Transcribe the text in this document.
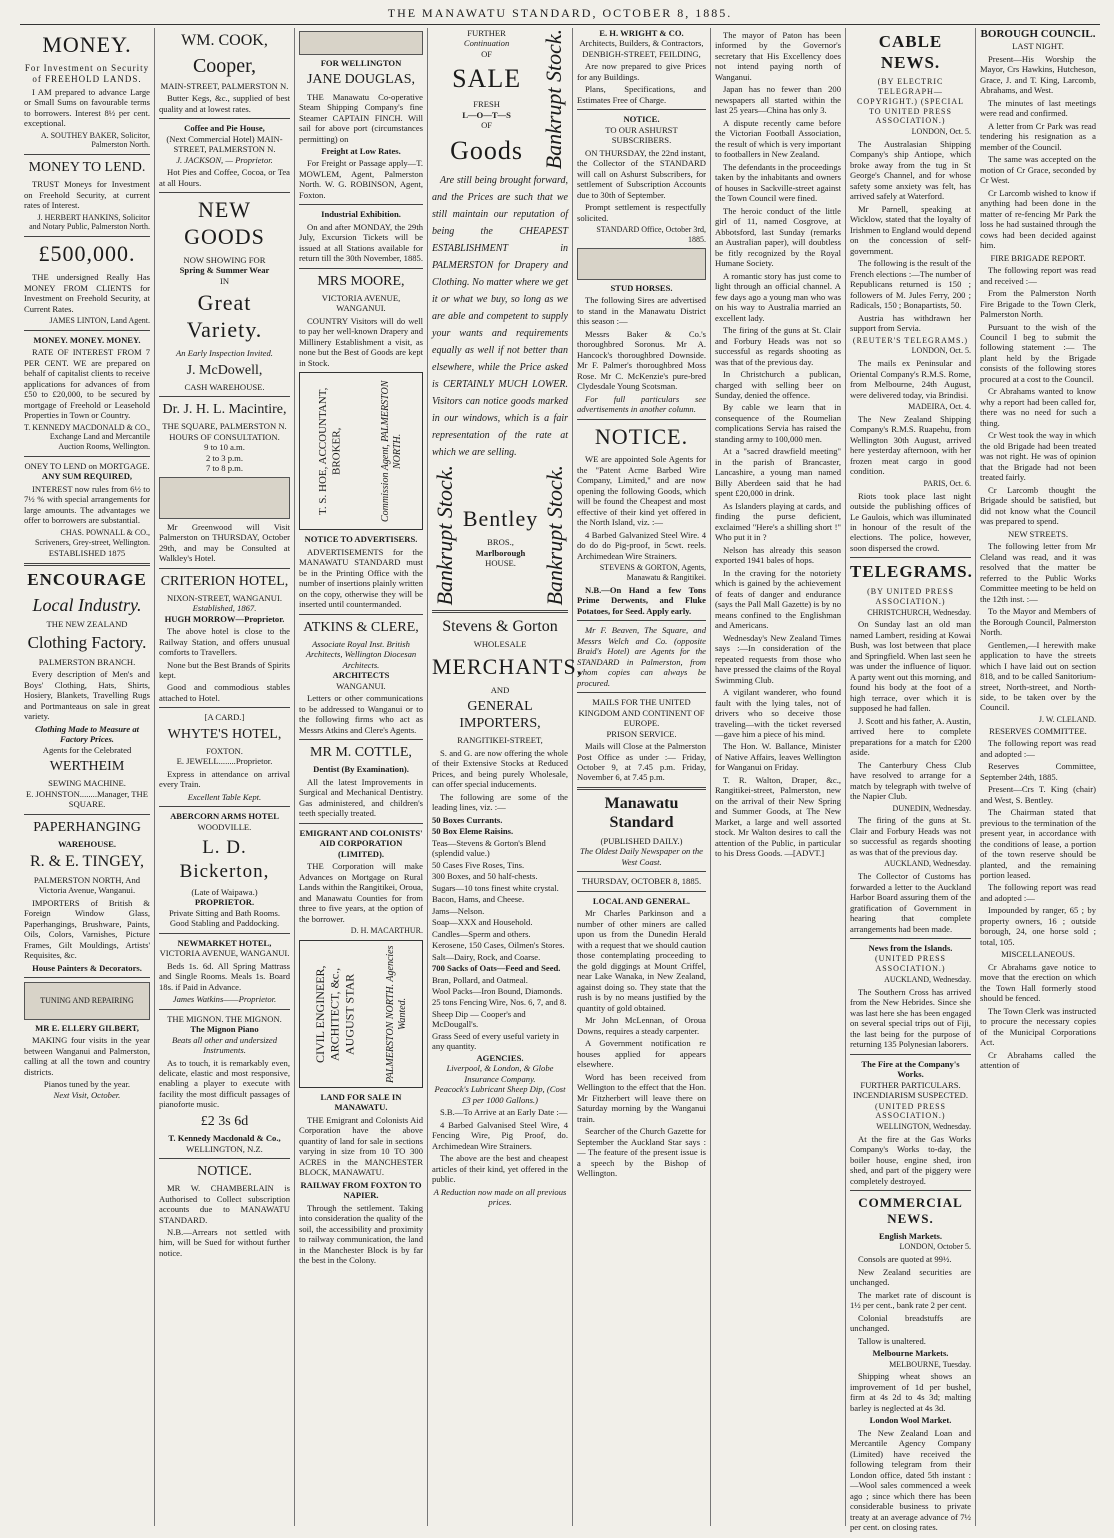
THE MANAWATU STANDARD, OCTOBER 8, 1885.
MONEY.
For Investment on Security of FREEHOLD LANDS.

I AM prepared to advance Large or Small Sums on favourable terms to borrowers. Interest 8½ per cent. exceptional.

A. SOUTHEY BAKER, Solicitor, Palmerston North.
MONEY TO LEND.

TRUST Moneys for Investment on Freehold Security, at current rates of Interest.

J. HERBERT HANKINS, Solicitor and Notary Public, Palmerston North.
£500,000.

THE undersigned Really Has MONEY FROM CLIENTS for Investment on Freehold Security, at Current Rates.

JAMES LINTON, Land Agent.
MONEY. MONEY. MONEY.

RATE OF INTEREST FROM 7 PER CENT. WE are prepared on behalf of capitalist clients to receive applications for advances of from £50 to £20,000, to be secured by mortgage of Freehold or Leasehold Properties in Town or Country.

T. KENNEDY MACDONALD & CO., Exchange Land and Mercantile Auction Rooms, Wellington.
ONEY TO LEND on MORTGAGE.
ANY SUM REQUIRED,

INTEREST now rules from 6½ to 7½ % with special arrangements for large amounts. The advantages we offer to borrowers are substantial.

CHAS. POWNALL & CO., Scriveners, Grey-street, Wellington.
ESTABLISHED 1875
ENCOURAGE
Local Industry.
THE NEW ZEALAND
Clothing Factory.
PALMERSTON BRANCH.

Every description of Men's and Boys' Clothing, Hats, Shirts, Hosiery, Blankets, Travelling Rugs and Portmanteaus on sale in great variety.

Clothing Made to Measure at Factory Prices.
Agents for the Celebrated
WERTHEIM
SEWING MACHINE.
E. JOHNSTON........Manager, THE SQUARE.
PAPERHANGING
WAREHOUSE.
R. & E. TINGEY,
PALMERSTON NORTH, And Victoria Avenue, Wanganui.

IMPORTERS of British & Foreign Window Glass, Paperhangings, Brushware, Paints, Oils, Colors, Varnishes, Picture Frames, Gilt Mouldings, Artists' Requisites, &c.

House Painters & Decorators.
TUNING AND REPAIRING
MR E. ELLERY GILBERT,

MAKING four visits in the year between Wanganui and Palmerston, calling at all the town and country districts.

Pianos tuned by the year.
Next Visit, October.
WM. COOK,
Cooper,
MAIN-STREET, PALMERSTON N.

Butter Kegs, &c., supplied of best quality and at lowest rates.

Coffee and Pie House,
(Next Commercial Hotel) MAIN-STREET, PALMERSTON N.
J. JACKSON, — Proprietor.

Hot Pies and Coffee, Cocoa, or Tea at all Hours.

NEW GOODS
NOW SHOWING FOR
Spring & Summer Wear
IN
Great Variety.
An Early Inspection Invited.
J. McDowell,
CASH WAREHOUSE.
Dr. J. H. L. Macintire,
THE SQUARE, PALMERSTON N.
HOURS OF CONSULTATION.
9 to 10 a.m.
2 to 3 p.m.
7 to 8 p.m.

Mr Greenwood will Visit Palmerston on THURSDAY, October 29th, and may be Consulted at Walkley's Hotel.

CRITERION HOTEL,
NIXON-STREET, WANGANUI.
Established, 1867.
HUGH MORROW—Proprietor.

The above hotel is close to the Railway Station, and offers unusual comforts to Travellers.

None but the Best Brands of Spirits kept.

Good and commodious stables attached to Hotel.

[A CARD.]
WHYTE'S HOTEL,
FOXTON.
E. JEWELL........Proprietor.

Express in attendance on arrival every Train.

Excellent Table Kept.
ABERCORN ARMS HOTEL
WOODVILLE.
L. D. Bickerton,
(Late of Waipawa.)
PROPRIETOR.
Private Sitting and Bath Rooms.
Good Stabling and Paddocking.
NEWMARKET HOTEL,
VICTORIA AVENUE, WANGANUI.

Beds 1s. 6d. All Spring Mattrass and Single Rooms. Meals 1s. Board 18s. if Paid in Advance.

James Watkins——Proprietor.
THE MIGNON. THE MIGNON.
The Mignon Piano
Beats all other and undersized Instruments.

As to touch, it is remarkably even, delicate, elastic and most responsive, enabling a player to execute with facility the most difficult passages of pianoforte music.

£2 3s 6d
T. Kennedy Macdonald & Co.,
WELLINGTON, N.Z.
NOTICE.

MR W. CHAMBERLAIN is Authorised to Collect subscription accounts due to MANAWATU STANDARD.

N.B.—Arrears not settled with him, will be Sued for without further notice.

FOR WELLINGTON
JANE DOUGLAS,

THE Manawatu Co-operative Steam Shipping Company's fine Steamer CAPTAIN FINCH. Will sail for above port (circumstances permitting) on

Freight at Low Rates.

For Freight or Passage apply—T. MOWLEM, Agent, Palmerston North. W. G. ROBINSON, Agent, Foxton.

Industrial Exhibition.

On and after MONDAY, the 29th July, Excursion Tickets will be issued at all Stations available for return till the 30th November, 1885.

MRS MOORE,
VICTORIA AVENUE, WANGANUI.

COUNTRY Visitors will do well to pay her well-known Drapery and Millinery Establishment a visit, as none but the Best of Goods are kept in Stock.

T. S. HOE, ACCOUNTANT, BROKER,	Commission Agent, PALMERSTON NORTH.
NOTICE TO ADVERTISERS.

ADVERTISEMENTS for the MANAWATU STANDARD must be in the Printing Office with the number of insertions plainly written on the copy, otherwise they will be inserted until countermanded.

ATKINS & CLERE,
Associate Royal Inst. British Architects, Wellington Diocesan Architects.
ARCHITECTS
WANGANUI.

Letters or other communications to be addressed to Wanganui or to the following firms who act as Messrs Atkins and Clere's Agents.

MR M. COTTLE,
Dentist (By Examination).

All the latest Improvements in Surgical and Mechanical Dentistry. Gas administered, and children's teeth specially treated.

EMIGRANT AND COLONISTS' AID CORPORATION (LIMITED).

THE Corporation will make Advances on Mortgage on Rural Lands within the Rangitikei, Oroua, and Manawatu Counties for from three to five years, at the option of the borrower.

D. H. MACARTHUR.
CIVIL ENGINEER, ARCHITECT, &c., AUGUST STAR	PALMERSTON NORTH. Agencies Wanted.
LAND FOR SALE IN MANAWATU.

THE Emigrant and Colonists Aid Corporation have the above quantity of land for sale in sections varying in size from 10 TO 300 ACRES in the MANCHESTER BLOCK, MANAWATU.

RAILWAY FROM FOXTON TO NAPIER.

Through the settlement. Taking into consideration the quality of the soil, the accessibility and proximity to railway communication, the land in the Manchester Block is by far the best in the Colony.

FURTHER
Continuation
OF
SALE
FRESH
L—O—T—S
OF
Goods Bankrupt Stock.

Are still being brought forward, and the Prices are such that we still maintain our reputation of being the CHEAPEST ESTABLISHMENT in PALMERSTON for Drapery and Clothing. No matter where we get it or what we buy, so long as we are able and competent to supply your wants and requirements equally as well if not better than elsewhere, while the Price asked is CERTAINLY MUCH LOWER. Visitors can notice goods marked in our windows, which is a fair representation of the rate at which we are selling.

Bankrupt Stock. Bentley
BROS.,
Marlborough
HOUSE.	Bankrupt Stock.
Stevens & Gorton
WHOLESALE
MERCHANTS,
AND
GENERAL IMPORTERS,
RANGITIKEI-STREET,

S. and G. are now offering the whole of their Extensive Stocks at Reduced Prices, and being purely Wholesale, can offer special inducements.

The following are some of the leading lines, viz. :—

50 Boxes Currants.
50 Box Eleme Raisins.
Teas—Stevens & Gorton's Blend (splendid value.)
50 Cases Five Roses, Tins.
300 Boxes, and 50 half-chests.
Sugars—10 tons finest white crystal.
Bacon, Hams, and Cheese.
Jams—Nelson.
Soap—XXX and Household.
Candles—Sperm and others.
Kerosene, 150 Cases, Oilmen's Stores.
Salt—Dairy, Rock, and Coarse.
700 Sacks of Oats—Feed and Seed.
Bran, Pollard, and Oatmeal.
Wool Packs—Iron Bound, Diamonds.
25 tons Fencing Wire, Nos. 6, 7, and 8.
Sheep Dip — Cooper's and McDougall's.
Grass Seed of every useful variety in any quantity.
AGENCIES.
Liverpool, & London, & Globe Insurance Company.
Peacock's Lubricant Sheep Dip, (Cost £3 per 1000 Gallons.)

S.B.—To Arrive at an Early Date :—

4 Barbed Galvanised Steel Wire, 4 Fencing Wire, Pig Proof, do. Archimedean Wire Strainers.

The above are the best and cheapest articles of their kind, yet offered in the public.

A Reduction now made on all previous prices.
E. H. WRIGHT & CO.
Architects, Builders, & Contractors,
DENBIGH-STREET, FEILDING,

Are now prepared to give Prices for any Buildings.

Plans, Specifications, and Estimates Free of Charge.

NOTICE.
TO OUR ASHURST SUBSCRIBERS.

ON THURSDAY, the 22nd instant, the Collector of the STANDARD will call on Ashurst Subscribers, for settlement of Subscription Accounts due to 30th of September.

Prompt settlement is respectfully solicited.

STANDARD Office, October 3rd, 1885.
STUD HORSES.

The following Sires are advertised to stand in the Manawatu District this season :—

Messrs Baker & Co.'s thoroughbred Soronus. Mr A. Hancock's thoroughbred Downside. Mr F. Palmer's thoroughbred Moss Rose. Mr C. McKenzie's pure-bred Clydesdale Young Scotsman.

For full particulars see advertisements in another column.

NOTICE.

WE are appointed Sole Agents for the "Patent Acme Barbed Wire Company, Limited," and are now opening the following Goods, which will be found the Cheapest and most effective of their kind yet offered in the North Island, viz. :—

4 Barbed Galvanized Steel Wire. 4 do do do Pig-proof, in 5cwt. reels. Archimedean Wire Strainers.

STEVENS & GORTON, Agents, Manawatu & Rangitikei.

N.B.—On Hand a few Tons Prime Derwents, and Fluke Potatoes, for Seed. Apply early.

Mr F. Beaven, The Square, and Messrs Welch and Co. (opposite Braid's Hotel) are Agents for the STANDARD in Palmerston, from whom copies can always be procured.

MAILS FOR THE UNITED KINGDOM AND CONTINENT OF EUROPE.
PRISON SERVICE.

Mails will Close at the Palmerston Post Office as under :— Friday, October 9, at 7.45 p.m. Friday, November 6, at 7.45 p.m.

Manawatu Standard
(PUBLISHED DAILY.)
The Oldest Daily Newspaper on the West Coast.
THURSDAY, OCTOBER 8, 1885.
LOCAL AND GENERAL.

Mr Charles Parkinson and a number of other miners are called upon us from the Dunedin Herald with a request that we should caution those contemplating proceeding to the gold diggings at Mount Criffel, near Lake Wanaka, in New Zealand, against doing so. They state that the rush is by no means justified by the quantity of gold obtained.

Mr John McLennan, of Oroua Downs, requires a steady carpenter.

A Government notification re houses applied for appears elsewhere.

Word has been received from Wellington to the effect that the Hon. Mr Fitzherbert will leave there on Saturday morning by the Wanganui train.

Searcher of the Church Gazette for September the Auckland Star says :— The feature of the present issue is a speech by the Bishop of Wellington.

The mayor of Paton has been informed by the Governor's secretary that His Excellency does not intend paying north of Wanganui.

Japan has no fewer than 200 newspapers all started within the last 25 years—China has only 3.

A dispute recently came before the Victorian Football Association, the result of which is very important to footballers in New Zealand.

The defendants in the proceedings taken by the inhabitants and owners of houses in Sackville-street against the Town Council were fined.

The heroic conduct of the little girl of 11, named Cosgrove, at Abbotsford, last Sunday (remarks an Australian paper), will doubtless be fitly recognized by the Royal Humane Society.

A romantic story has just come to light through an official channel. A few days ago a young man who was on his way to Australia married an excellent lady.

The firing of the guns at St. Clair and Forbury Heads was not so successful as regards shooting as was that of the previous day.

In Christchurch a publican, charged with selling beer on Sunday, denied the offence.

By cable we learn that in consequence of the Roumelian complications Servia has raised the standing army to 100,000 men.

At a "sacred drawfield meeting" in the parish of Brancaster, Lancashire, a young man named Billy Aberdeen said that he had spent £20,000 in drink.

As Islanders playing at cards, and finding the purse deficient, exclaimed "Here's a shilling short !" Who put it in ?

Nelson has already this season exported 1941 bales of hops.

In the craving for the notoriety which is gained by the achievement of feats of danger and endurance (says the Pall Mall Gazette) is by no means confined to the Englishman and Americans.

Wednesday's New Zealand Times says :—In consideration of the repeated requests from those who have pressed the claims of the Royal Swimming Club.

A vigilant wanderer, who found fault with the lying tales, not of drivers who so deceive those traveling—with the ticket reversed—gave him a piece of his mind.

The Hon. W. Ballance, Minister of Native Affairs, leaves Wellington for Wanganui on Friday.

T. R. Walton, Draper, &c., Rangitikei-street, Palmerston, new on the arrival of their New Spring and Summer Goods, at The New Market, a large and well assorted stock. Mr Walton desires to call the attention of the Public, in particular to his Dress Goods. —[ADVT.]

CABLE NEWS.
(BY ELECTRIC TELEGRAPH—COPYRIGHT.) (SPECIAL TO UNITED PRESS ASSOCIATION.)
LONDON, Oct. 5.

The Australasian Shipping Company's ship Antiope, which broke away from the tug in St George's Channel, and for whose safety some anxiety was felt, has arrived safely at Waterford.

Mr Parnell, speaking at Wicklow, stated that the loyalty of Irishmen to England would depend on the concession of self-government.

The following is the result of the French elections :—The number of Republicans returned is 150 ; followers of M. Jules Ferry, 200 ; Radicals, 150 ; Bonapartists, 50.

Austria has withdrawn her support from Servia.

(REUTER'S TELEGRAMS.)
LONDON, Oct. 5.

The mails ex Peninsular and Oriental Company's R.M.S. Rome, from Melbourne, 24th August, were delivered today, via Brindisi.

MADEIRA, Oct. 4.

The New Zealand Shipping Company's R.M.S. Ruapehu, from Wellington 30th August, arrived here yesterday afternoon, with her frozen meat cargo in good condition.

PARIS, Oct. 6.

Riots took place last night outside the publishing offices of Le Gaulois, which was illuminated in honour of the result of the elections. The police, however, soon dispersed the crowd.

TELEGRAMS.
(BY UNITED PRESS ASSOCIATION.)
CHRISTCHURCH, Wednesday.

On Sunday last an old man named Lambert, residing at Kowai Bush, was lost between that place and Springfield. When last seen he was under the influence of liquor. A party went out this morning, and found his body at the foot of a high terrace, over which it is supposed he had fallen.

J. Scott and his father, A. Austin, arrived here to complete preparations for a match for £200 aside.

The Canterbury Chess Club have resolved to arrange for a match by telegraph with twelve of the Napier Club.

DUNEDIN, Wednesday.

The firing of the guns at St. Clair and Forbury Heads was not so successful as regards shooting as was that of the previous day.

AUCKLAND, Wednesday.

The Collector of Customs has forwarded a letter to the Auckland Harbor Board assuring them of the gratification of Government in hearing that complete arrangements had been made.

News from the Islands.
(UNITED PRESS ASSOCIATION.)
AUCKLAND, Wednesday.

The Southern Cross has arrived from the New Hebrides. Since she was last here she has been engaged on several special trips out of Fiji, the last being for the purpose of returning 135 Polynesian laborers.

The Fire at the Company's Works.
FURTHER PARTICULARS.
INCENDIARISM SUSPECTED.
(UNITED PRESS ASSOCIATION.)
WELLINGTON, Wednesday.

At the fire at the Gas Works Company's Works to-day, the boiler house, engine shed, iron shed, and part of the piggery were completely destroyed.

COMMERCIAL NEWS.
English Markets.
LONDON, October 5.

Consols are quoted at 99½.

New Zealand securities are unchanged.

The market rate of discount is 1½ per cent., bank rate 2 per cent.

Colonial breadstuffs are unchanged.

Tallow is unaltered.

Melbourne Markets.
MELBOURNE, Tuesday.

Shipping wheat shows an improvement of 1d per bushel, firm at 4s 2d to 4s 3d; malting barley is neglected at 4s 3d.

London Wool Market.

The New Zealand Loan and Mercantile Agency Company (Limited) have received the following telegram from their London office, dated 5th instant :—Wool sales commenced a week ago ; since which there has been considerable business to private treaty at an average advance of 7½ per cent. on closing rates.

BOROUGH COUNCIL.
LAST NIGHT.

Present—His Worship the Mayor, Crs Hawkins, Hutcheson, Grace, J. and T. King, Larcomb, Abrahams, and West.

The minutes of last meetings were read and confirmed.

A letter from Cr Park was read tendering his resignation as a member of the Council.

The same was accepted on the motion of Cr Grace, seconded by Cr West.

Cr Larcomb wished to know if anything had been done in the matter of re-fencing Mr Park the loss he had sustained through the cows had been decided against him.

FIRE BRIGADE REPORT.

The following report was read and received :—

From the Palmerston North Fire Brigade to the Town Clerk, Palmerston North.

Pursuant to the wish of the Council I beg to submit the following statement :— The plant held by the Brigade consists of the following stores procured at a cost to the Council.

Cr Abrahams wanted to know why a report had been called for, there was no need for such a thing.

Cr West took the way in which the old Brigade had been treated was not right. He was of opinion that the Brigade had not been treated fairly.

Cr Larcomb thought the Brigade should be satisfied, but did not know what the Council was prepared to spend.

NEW STREETS.

The following letter from Mr Cleland was read, and it was resolved that the matter be referred to the Public Works Committee meeting to be held on the 12th inst. :—

To the Mayor and Members of the Borough Council, Palmerston North.

Gentlemen,—I herewith make application to have the streets which I have laid out on section 818, and to be called Sanitorium-street, North-street, and North-side, to be taken over by the Council.

J. W. CLELAND.
RESERVES COMMITTEE.

The following report was read and adopted :—

Reserves Committee, September 24th, 1885.

Present—Crs T. King (chair) and West, S. Bentley.

The Chairman stated that previous to the termination of the present year, in accordance with the conditions of lease, a portion of the town reserve should be planted, and the remaining portion leased.

The following report was read and adopted :—

Impounded by ranger, 65 ; by property owners, 16 ; outside borough, 24, one horse sold ; total, 105.

MISCELLANEOUS.

Cr Abrahams gave notice to move that the erection on which the Town Hall formerly stood should be fenced.

The Town Clerk was instructed to procure the necessary copies of the Municipal Corporations Act.

Cr Abrahams called the attention of
